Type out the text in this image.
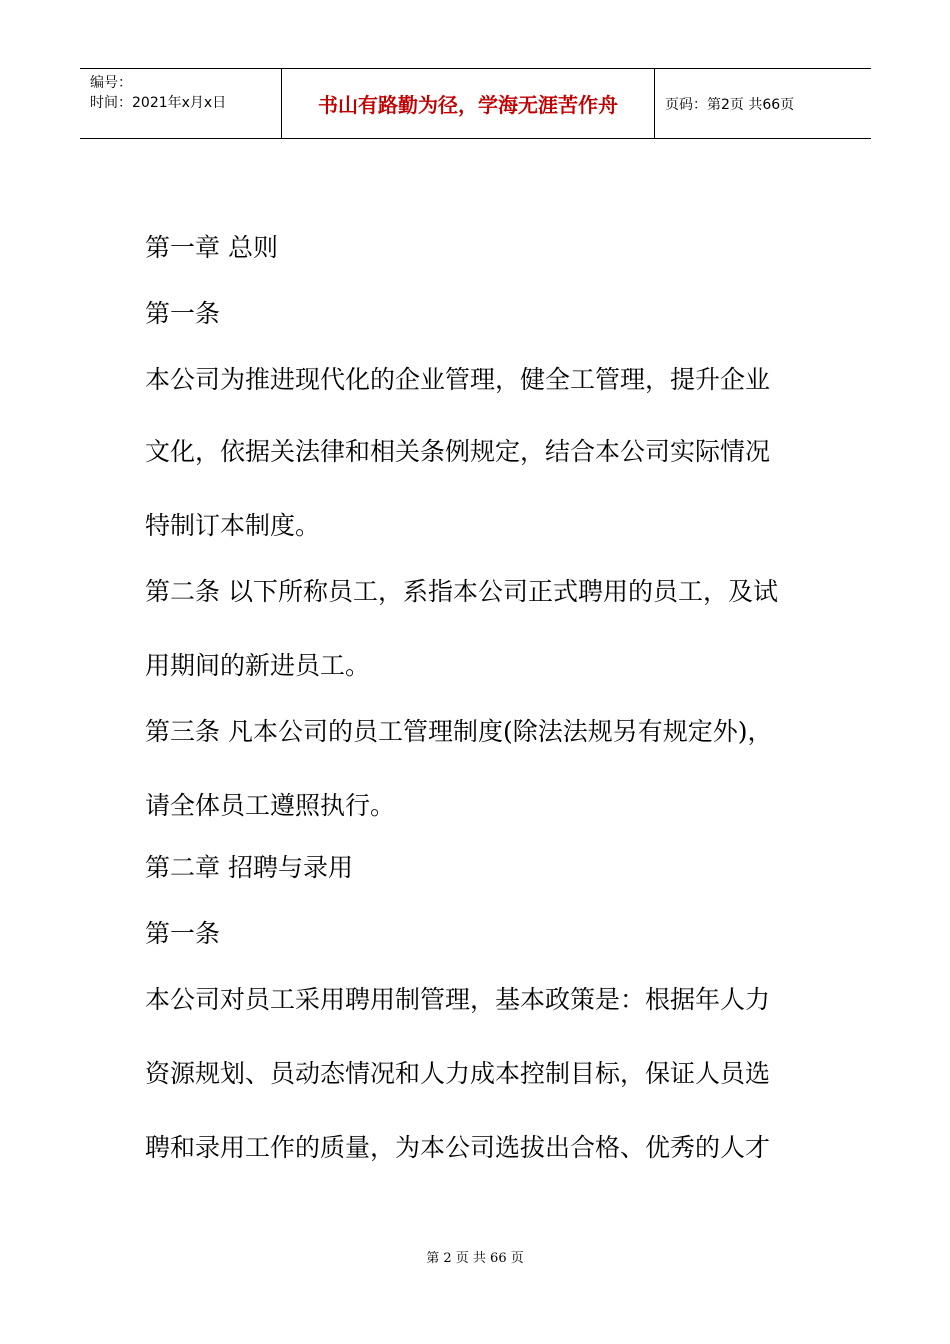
编号：
时间：2021年x月x日	书山有路勤为径，学海无涯苦作舟	页码：第2页 共66页
第一章 总则
第一条
本公司为推进现代化的企业管理，健全工管理，提升企业
文化，依据关法律和相关条例规定，结合本公司实际情况
特制订本制度。
第二条 以下所称员工，系指本公司正式聘用的员工，及试
用期间的新进员工。
第三条 凡本公司的员工管理制度(除法法规另有规定外)，
请全体员工遵照执行。
第二章 招聘与录用
第一条
本公司对员工采用聘用制管理，基本政策是：根据年人力
资源规划、员动态情况和人力成本控制目标，保证人员选
聘和录用工作的质量，为本公司选拔出合格、优秀的人才
第 2 页 共 66 页
